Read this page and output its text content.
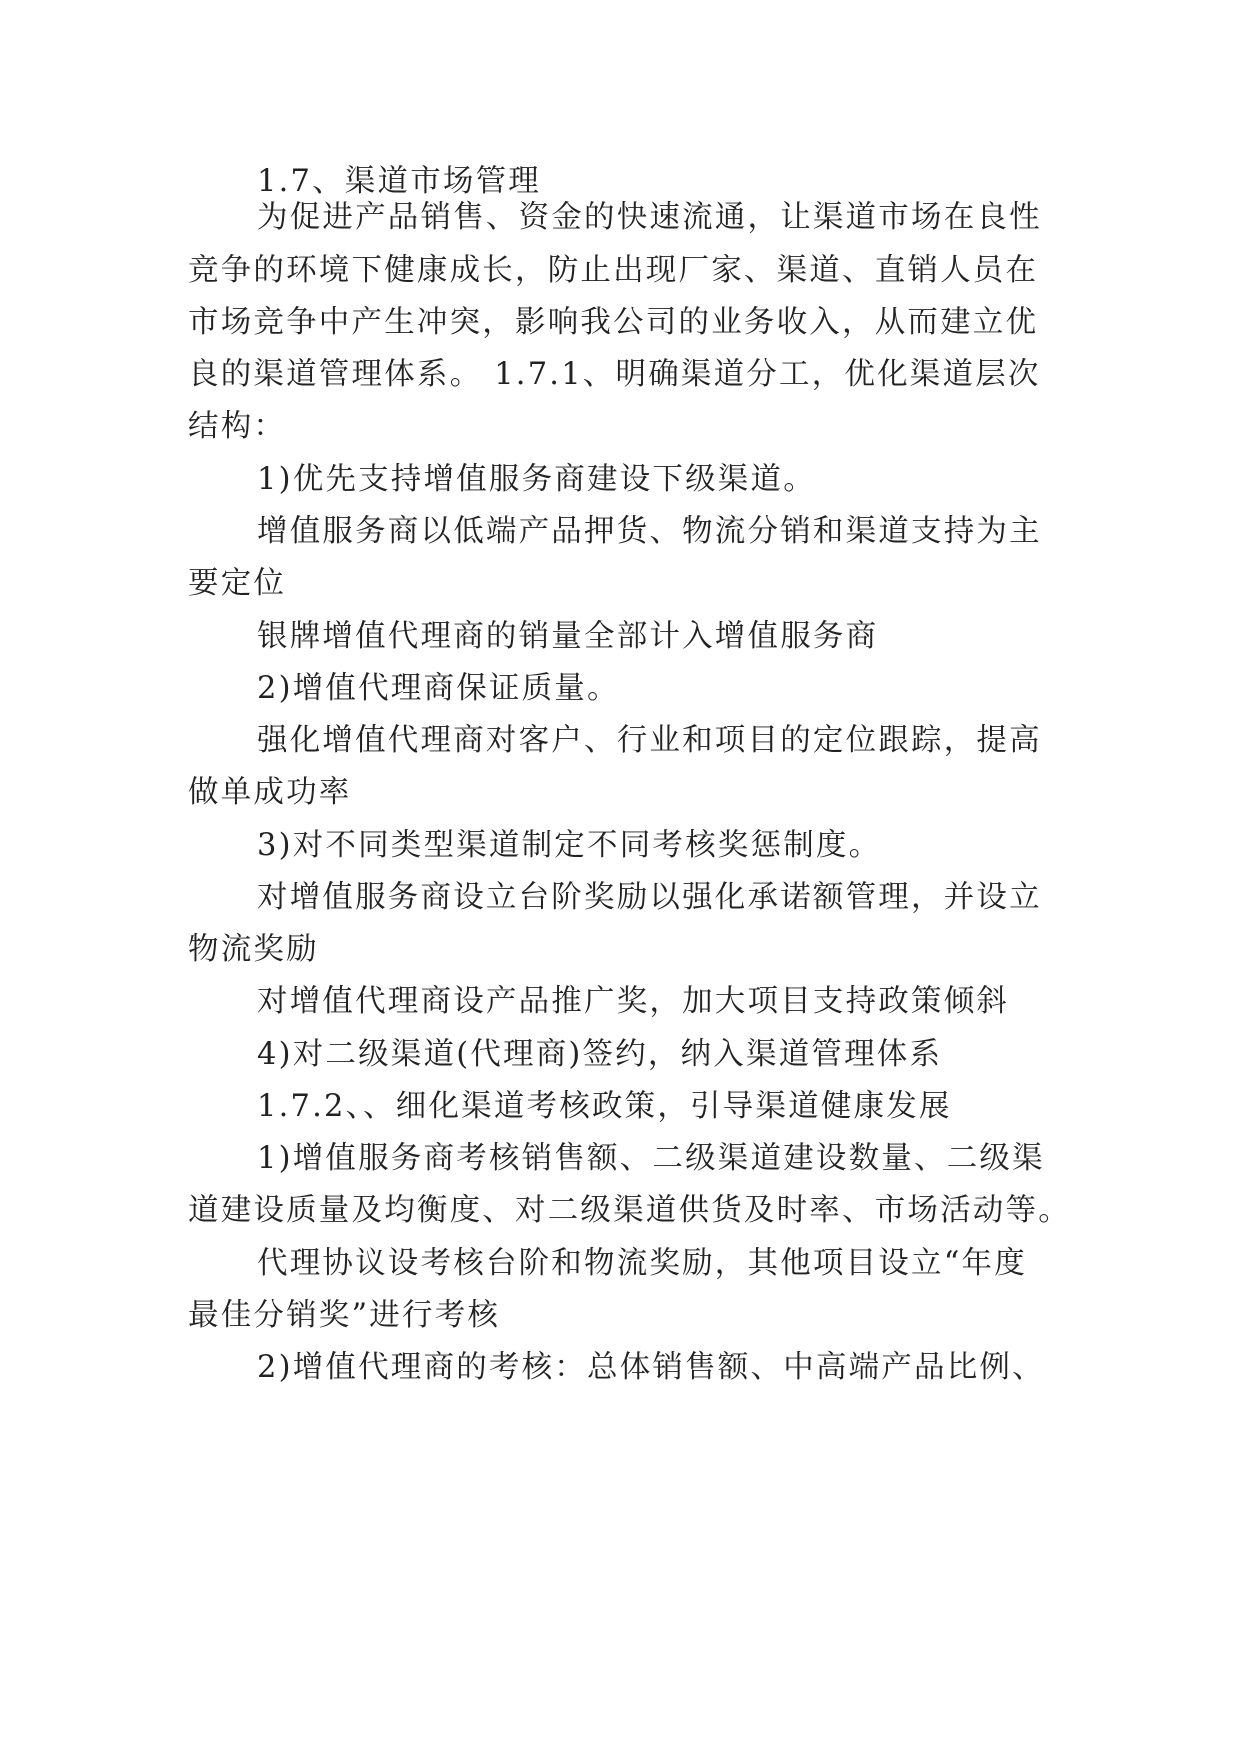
1.7、渠道市场管理
为促进产品销售、资金的快速流通，让渠道市场在良性
竞争的环境下健康成长，防止出现厂家、渠道、直销人员在
市场竞争中产生冲突，影响我公司的业务收入，从而建立优
良的渠道管理体系。 1.7.1、明确渠道分工，优化渠道层次
结构：
1)优先支持增值服务商建设下级渠道。
增值服务商以低端产品押货、物流分销和渠道支持为主
要定位
银牌增值代理商的销量全部计入增值服务商
2)增值代理商保证质量。
强化增值代理商对客户、行业和项目的定位跟踪，提高
做单成功率
3)对不同类型渠道制定不同考核奖惩制度。
对增值服务商设立台阶奖励以强化承诺额管理，并设立
物流奖励
对增值代理商设产品推广奖，加大项目支持政策倾斜
4)对二级渠道(代理商)签约，纳入渠道管理体系
1.7.2、、细化渠道考核政策，引导渠道健康发展
1)增值服务商考核销售额、二级渠道建设数量、二级渠
道建设质量及均衡度、对二级渠道供货及时率、市场活动等。
代理协议设考核台阶和物流奖励，其他项目设立“年度
最佳分销奖”进行考核
2)增值代理商的考核：总体销售额、中高端产品比例、
